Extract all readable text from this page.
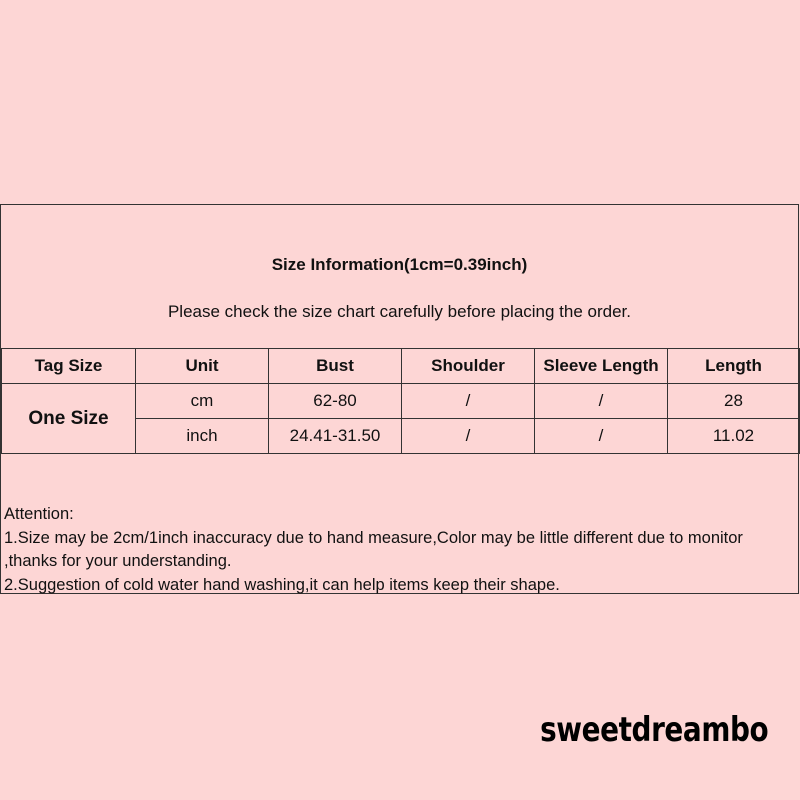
Size Information(1cm=0.39inch)
Please check the size chart carefully before placing the order.
Tag Size	Unit	Bust	Shoulder	Sleeve Length	Length
One Size	cm	62-80	/	/	28
	inch	24.41-31.50	/	/	11.02
Attention:
1.Size may be 2cm/1inch inaccuracy due to hand measure,Color may be little different due to monitor ,thanks for your understanding.
2.Suggestion of cold water hand washing,it can help items keep their shape.
sweetdreambo
